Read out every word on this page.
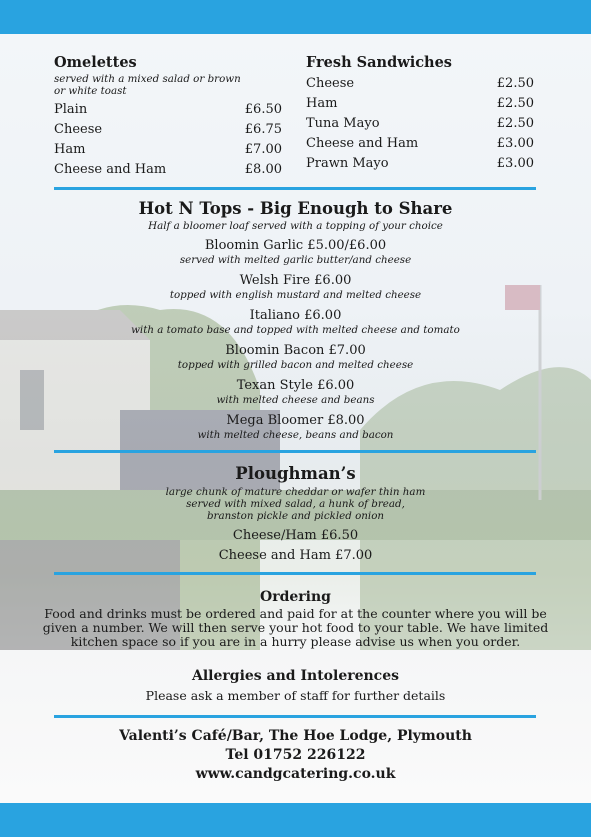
Omelettes
served with a mixed salad or brown or white toast
Plain	£6.50
Cheese	£6.75
Ham	£7.00
Cheese and Ham	£8.00
Fresh Sandwiches
Cheese	£2.50
Ham	£2.50
Tuna Mayo	£2.50
Cheese and Ham	£3.00
Prawn Mayo	£3.00
Hot N Tops - Big Enough to Share
Half a bloomer loaf served with a topping of your choice
Bloomin Garlic £5.00/£6.00
served with melted garlic butter/and cheese
Welsh Fire £6.00
topped with english mustard and melted cheese
Italiano £6.00
with a tomato base and topped with melted cheese and tomato
Bloomin Bacon £7.00
topped with grilled bacon and melted cheese
Texan Style £6.00
with melted cheese and beans
Mega Bloomer £8.00
with melted cheese, beans and bacon
Ploughman’s
large chunk of mature cheddar or wafer thin ham
served with mixed salad, a hunk of bread,
branston pickle and pickled onion
Cheese/Ham £6.50
Cheese and Ham £7.00
Ordering
Food and drinks must be ordered and paid for at the counter where you will be
given a number. We will then serve your hot food to your table. We have limited
kitchen space so if you are in a hurry please advise us when you order.
Allergies and Intolerences
Please ask a member of staff for further details
Valenti’s Café/Bar, The Hoe Lodge, Plymouth
Tel 01752 226122
www.candgcatering.co.uk
